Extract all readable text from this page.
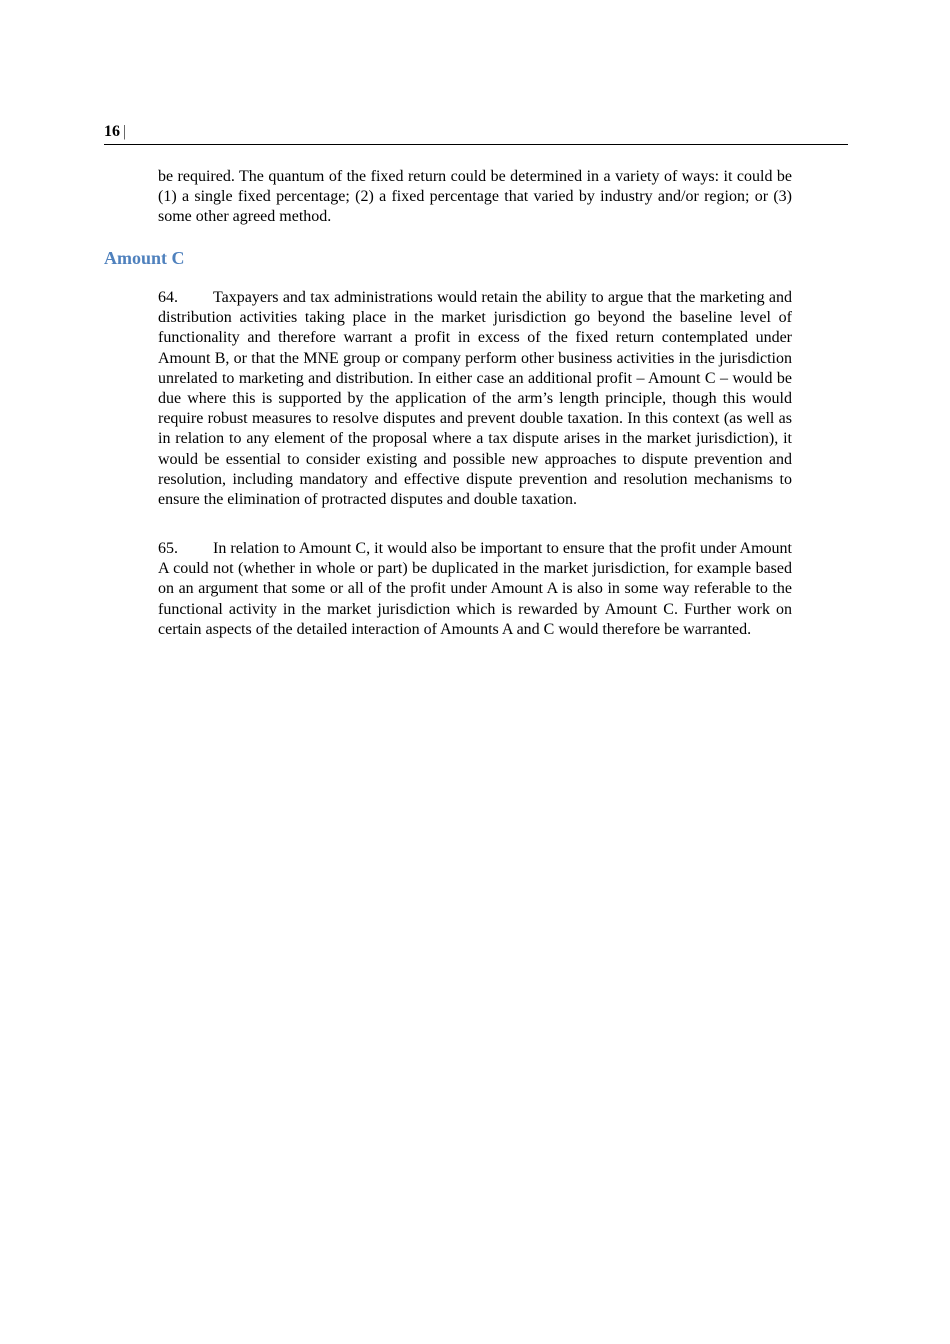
16 |

be required. The quantum of the fixed return could be determined in a variety of ways: it could be (1) a single fixed percentage; (2) a fixed percentage that varied by industry and/or region; or (3) some other agreed method.

Amount C

64. Taxpayers and tax administrations would retain the ability to argue that the marketing and distribution activities taking place in the market jurisdiction go beyond the baseline level of functionality and therefore warrant a profit in excess of the fixed return contemplated under Amount B, or that the MNE group or company perform other business activities in the jurisdiction unrelated to marketing and distribution. In either case an additional profit – Amount C – would be due where this is supported by the application of the arm’s length principle, though this would require robust measures to resolve disputes and prevent double taxation. In this context (as well as in relation to any element of the proposal where a tax dispute arises in the market jurisdiction), it would be essential to consider existing and possible new approaches to dispute prevention and resolution, including mandatory and effective dispute prevention and resolution mechanisms to ensure the elimination of protracted disputes and double taxation.

65. In relation to Amount C, it would also be important to ensure that the profit under Amount A could not (whether in whole or part) be duplicated in the market jurisdiction, for example based on an argument that some or all of the profit under Amount A is also in some way referable to the functional activity in the market jurisdiction which is rewarded by Amount C. Further work on certain aspects of the detailed interaction of Amounts A and C would therefore be warranted.
